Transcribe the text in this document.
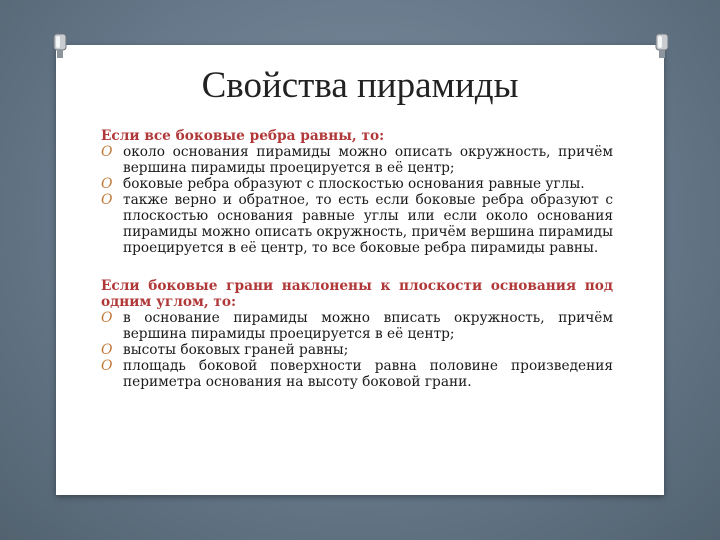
Свойства пирамиды

Если все боковые ребра равны, то:

O около основания пирамиды можно описать окружность, причём вершина пирамиды проецируется в её центр;
O боковые ребра образуют с плоскостью основания равные углы.
O также верно и обратное, то есть если боковые ребра образуют с плоскостью основания равные углы или если около основания пирамиды можно описать окружность, причём вершина пирамиды проецируется в её центр, то все боковые ребра пирамиды равны.

Если боковые грани наклонены к плоскости основания под одним углом, то:

O в основание пирамиды можно вписать окружность, причём вершина пирамиды проецируется в её центр;
O высоты боковых граней равны;
O площадь боковой поверхности равна половине произведения периметра основания на высоту боковой грани.
